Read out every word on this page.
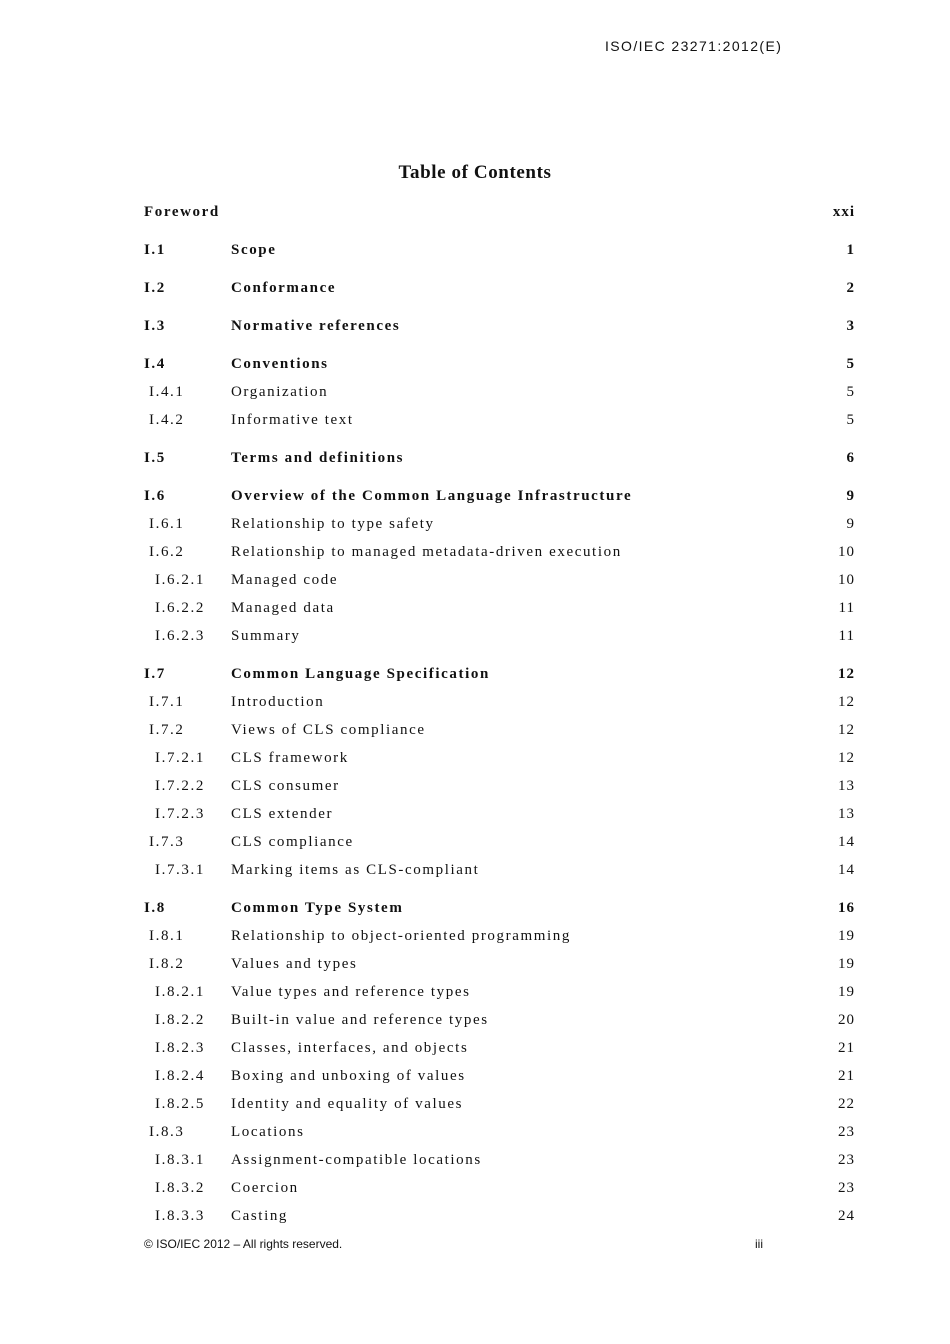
ISO/IEC 23271:2012(E)
Table of Contents
Foreword	xxi
I.1	Scope	1
I.2	Conformance	2
I.3	Normative references	3
I.4	Conventions	5
I.4.1	Organization	5
I.4.2	Informative text	5
I.5	Terms and definitions	6
I.6	Overview of the Common Language Infrastructure	9
I.6.1	Relationship to type safety	9
I.6.2	Relationship to managed metadata-driven execution	10
I.6.2.1 Managed code	10
I.6.2.2 Managed data	11
I.6.2.3 Summary	11
I.7	Common Language Specification	12
I.7.1	Introduction	12
I.7.2	Views of CLS compliance	12
I.7.2.1 CLS framework	12
I.7.2.2 CLS consumer	13
I.7.2.3 CLS extender	13
I.7.3	CLS compliance	14
I.7.3.1 Marking items as CLS-compliant	14
I.8	Common Type System	16
I.8.1	Relationship to object-oriented programming	19
I.8.2	Values and types	19
I.8.2.1 Value types and reference types	19
I.8.2.2 Built-in value and reference types	20
I.8.2.3 Classes, interfaces, and objects	21
I.8.2.4 Boxing and unboxing of values	21
I.8.2.5 Identity and equality of values	22
I.8.3	Locations	23
I.8.3.1 Assignment-compatible locations	23
I.8.3.2 Coercion	23
I.8.3.3 Casting	24
© ISO/IEC 2012 – All rights reserved.	iii
